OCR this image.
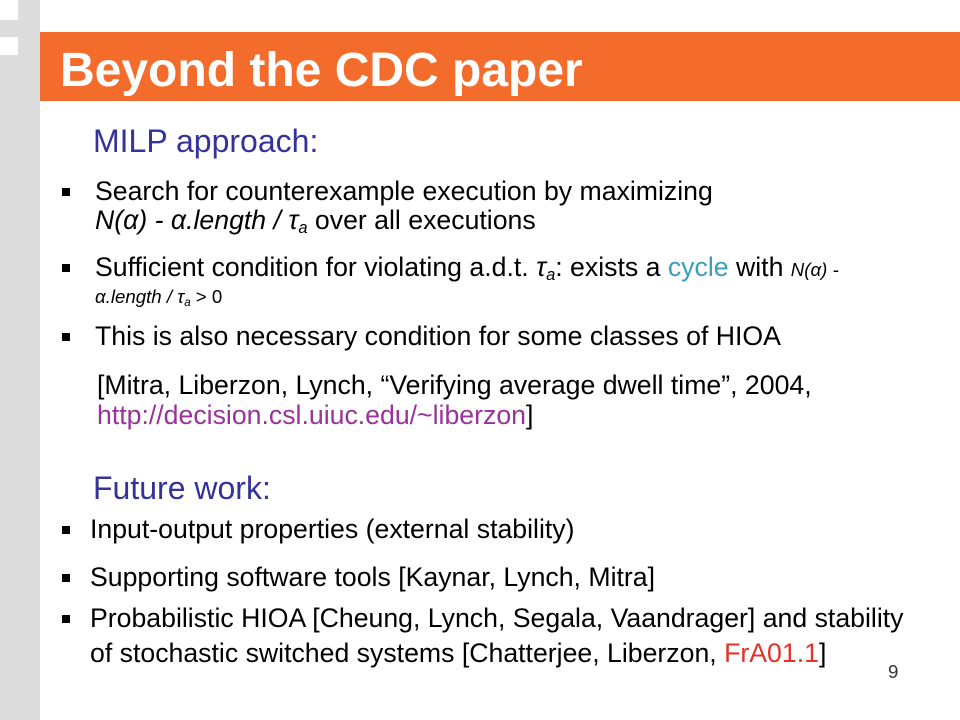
Beyond the CDC paper
MILP approach:
Search for counterexample execution by maximizing
N(α) - α.length / $\tau_a$ over all executions
Sufficient condition for violating a.d.t. $\tau_a$: exists a cycle with N(α) -
α.length / $\tau_a > 0$
This is also necessary condition for some classes of HIOA
[Mitra, Liberzon, Lynch, “Verifying average dwell time”, 2004,
http://decision.csl.uiuc.edu/~liberzon]
Future work:
Input-output properties (external stability)
Supporting software tools [Kaynar, Lynch, Mitra]
Probabilistic HIOA [Cheung, Lynch, Segala, Vaandrager] and stability
of stochastic switched systems [Chatterjee, Liberzon, FrA01.1]
9
